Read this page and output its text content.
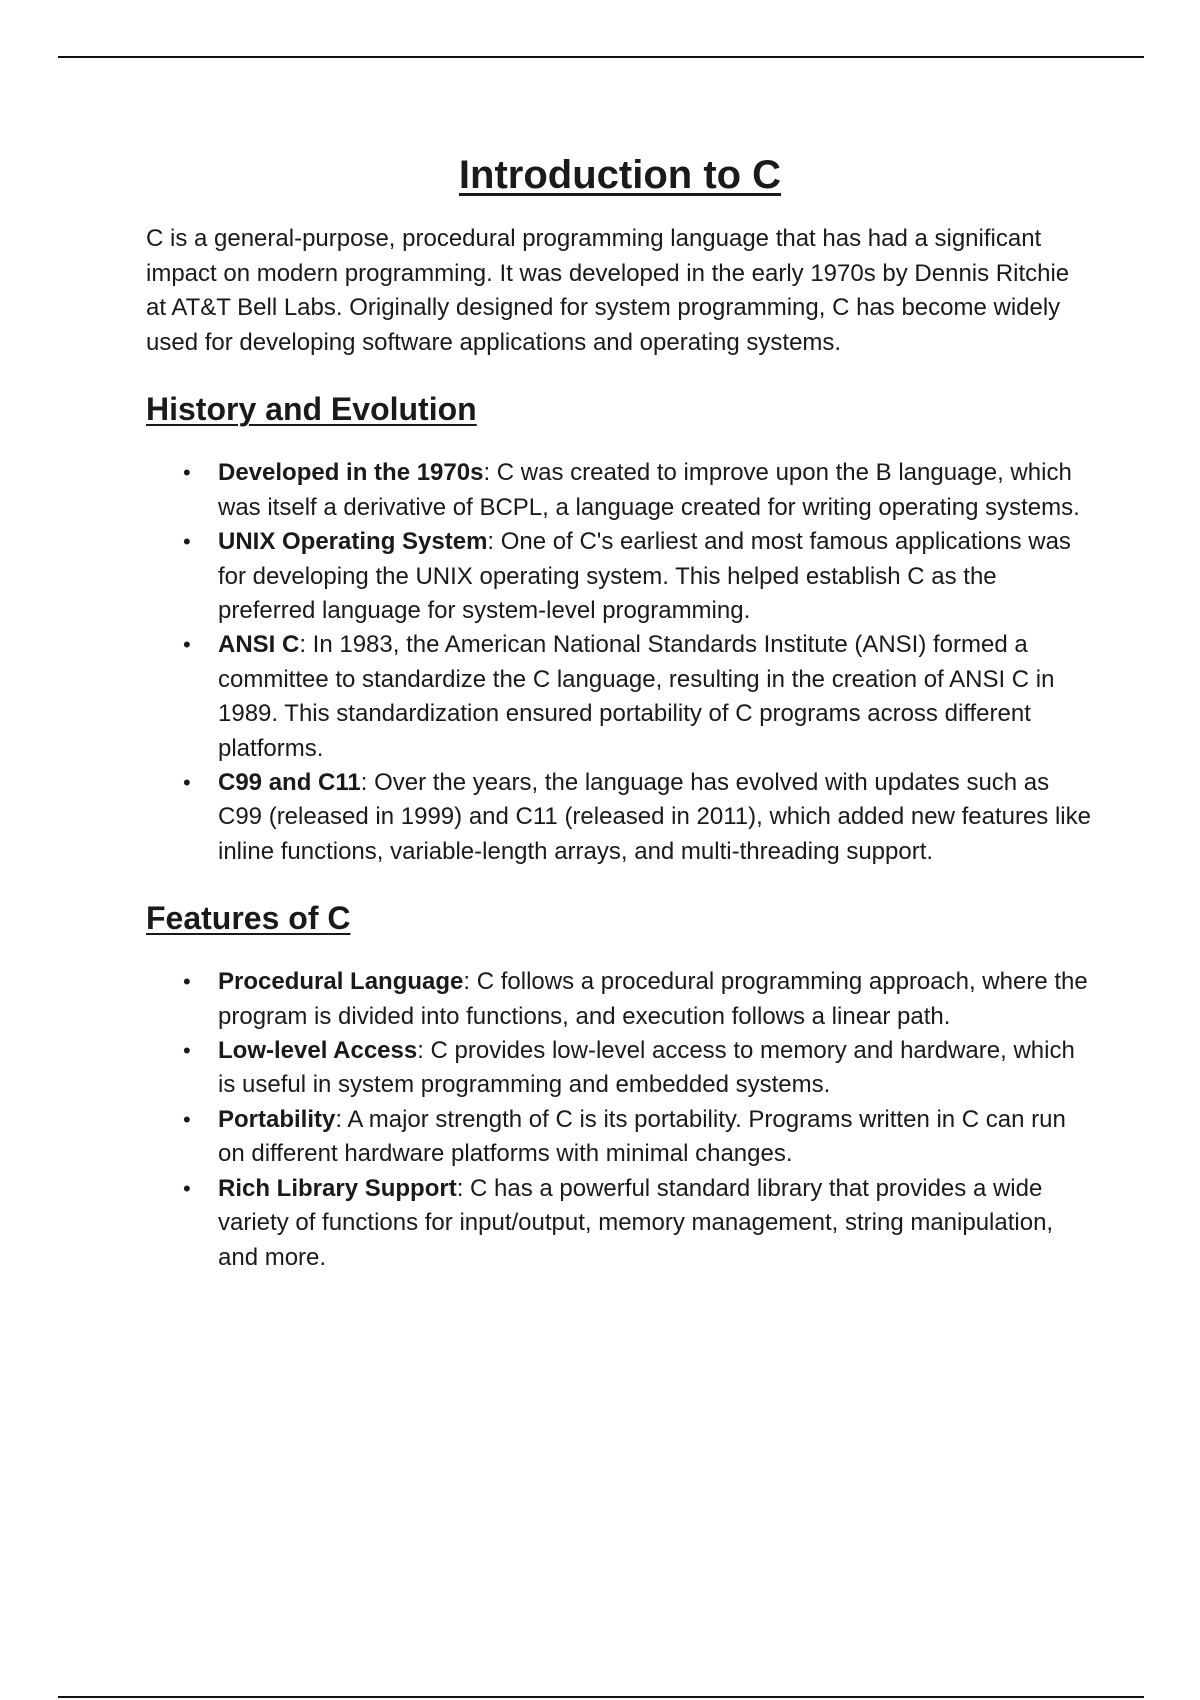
Introduction to C

C is a general-purpose, procedural programming language that has had a significant impact on modern programming. It was developed in the early 1970s by Dennis Ritchie at AT&T Bell Labs. Originally designed for system programming, C has become widely used for developing software applications and operating systems.

History and Evolution
• Developed in the 1970s: C was created to improve upon the B language, which was itself a derivative of BCPL, a language created for writing operating systems.
• UNIX Operating System: One of C's earliest and most famous applications was for developing the UNIX operating system. This helped establish C as the preferred language for system-level programming.
• ANSI C: In 1983, the American National Standards Institute (ANSI) formed a committee to standardize the C language, resulting in the creation of ANSI C in 1989. This standardization ensured portability of C programs across different platforms.
• C99 and C11: Over the years, the language has evolved with updates such as C99 (released in 1999) and C11 (released in 2011), which added new features like inline functions, variable-length arrays, and multi-threading support.
Features of C
• Procedural Language: C follows a procedural programming approach, where the program is divided into functions, and execution follows a linear path.
• Low-level Access: C provides low-level access to memory and hardware, which is useful in system programming and embedded systems.
• Portability: A major strength of C is its portability. Programs written in C can run on different hardware platforms with minimal changes.
• Rich Library Support: C has a powerful standard library that provides a wide variety of functions for input/output, memory management, string manipulation, and more.
